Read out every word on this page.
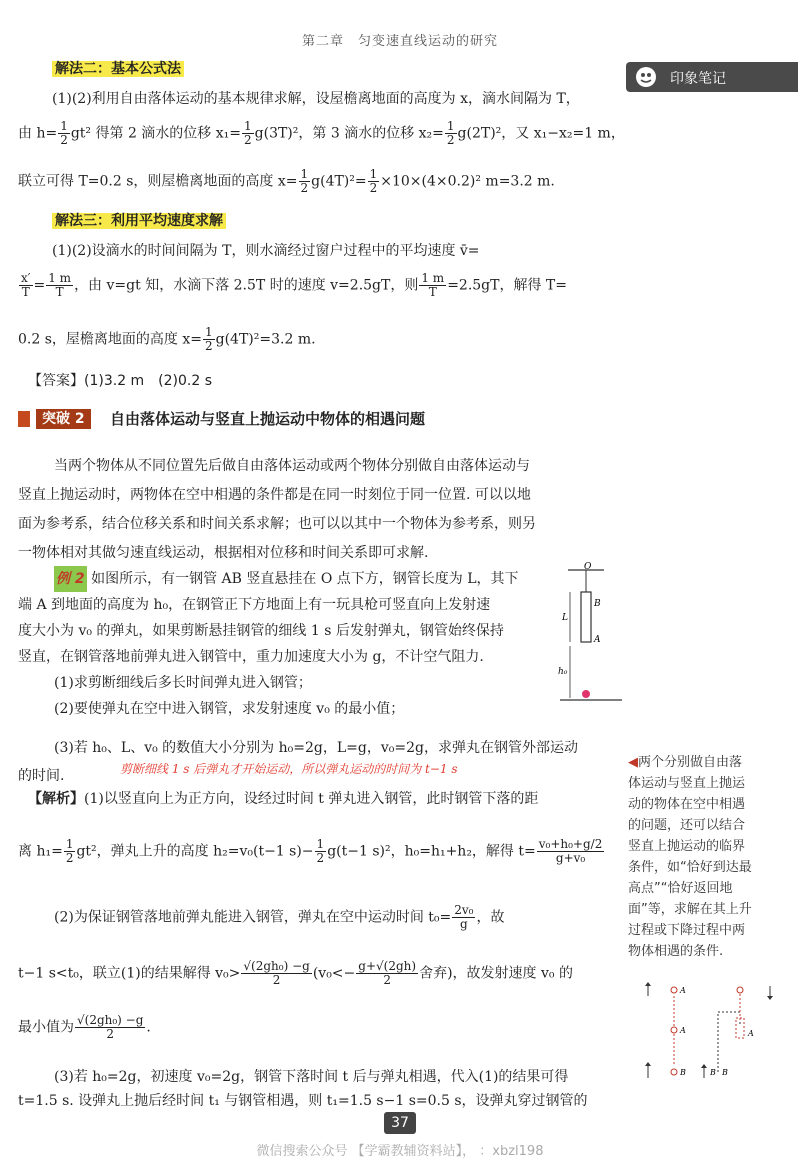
第二章　匀变速直线运动的研究
印象笔记
解法二：基本公式法
(1)(2)利用自由落体运动的基本规律求解，设屋檐离地面的高度为 x，滴水间隔为 T，
由 $h= \frac{1}{2} gt^2$ 得第 2 滴水的位移 $x_1= \frac{1}{2} g(3T)^2$，第 3 滴水的位移 $x_2= \frac{1}{2} g(2T)^2$，又 x₁−x₂=1 m，
联立可得 T=0.2 s，则屋檐离地面的高度 $x= \frac{1}{2} g(4T)^2= \frac{1}{2} \times 10\times(4\times 0.2)^2$ m=3.2 m.
解法三：利用平均速度求解
(1)(2)设滴水的时间间隔为 T，则水滴经过窗户过程中的平均速度 v̄=
$\frac{x'}{T} = \frac{1 m}{T}$ ，由 v=gt 知，水滴下落 2.5T 时的速度 v=2.5gT，则 $\frac{1 m}{T} =2.5gT$，解得 T=
0.2 s，屋檐离地面的高度 $x= \frac{1}{2} g(4T)^2=3.2$ m.
【答案】(1)3.2 m　(2)0.2 s
突破 2	自由落体运动与竖直上抛运动中物体的相遇问题
当两个物体从不同位置先后做自由落体运动或两个物体分别做自由落体运动与
竖直上抛运动时，两物体在空中相遇的条件都是在同一时刻位于同一位置. 可以以地
面为参考系，结合位移关系和时间关系求解；也可以以其中一个物体为参考系，则另
一物体相对其做匀速直线运动，根据相对位移和时间关系即可求解.
例 2 如图所示，有一钢管 AB 竖直悬挂在 O 点下方，钢管长度为 L，其下
端 A 到地面的高度为 h₀，在钢管正下方地面上有一玩具枪可竖直向上发射速
度大小为 v₀ 的弹丸，如果剪断悬挂钢管的细线 1 s 后发射弹丸，钢管始终保持
竖直，在钢管落地前弹丸进入钢管中，重力加速度大小为 g，不计空气阻力.
(1)求剪断细线后多长时间弹丸进入钢管；
(2)要使弹丸在空中进入钢管，求发射速度 v₀ 的最小值；
(3)若 h₀、L、v₀ 的数值大小分别为 h₀=2g，L=g，v₀=2g，求弹丸在钢管外部运动
的时间.	剪断细线 1 s 后弹丸才开始运动，所以弹丸运动的时间为 t−1 s
O
B
A
L
h₀
【解析】(1)以竖直向上为正方向，设经过时间 t 弹丸进入钢管，此时钢管下落的距
离 $h_1= \frac{1}{2} gt^2$，弹丸上升的高度 h₂=v₀(t−1 $s)- \frac{1}{2} g(t-1$ s)²，h₀=h₁+h₂，解得 $t= \frac{\text{v₀+h₀+g/2}}{\text{g+v₀}}$
(2)为保证钢管落地前弹丸能进入钢管，弹丸在空中运动时间 $t_0= \frac{\text{2v₀}}{g}$ ，故
t−1 s<t₀，联立(1)的结果解得 $v_0> \frac{\text{√(2gh₀) −g}}{2} (v_0<- \frac{g+√(2gh)}{2}$ 舍弃)，故发射速度 v₀ 的
最小值为 $\frac{\text{√(2gh₀) −g}}{2}$ .
(3)若 h₀=2g，初速度 v₀=2g，钢管下落时间 t 后与弹丸相遇，代入(1)的结果可得
t=1.5 s. 设弹丸上抛后经时间 t₁ 与钢管相遇，则 t₁=1.5 s−1 s=0.5 s，设弹丸穿过钢管的
◀两个分别做自由落
体运动与竖直上抛运
动的物体在空中相遇
的问题，还可以结合
竖直上抛运动的临界
条件，如“恰好到达最
高点”“恰好返回地
面”等，求解在其上升
过程或下降过程中两
物体相遇的条件.
A
A
B	B
A
B
37
微信搜索公众号 【学霸教辅资料站】， ：xbzl198
